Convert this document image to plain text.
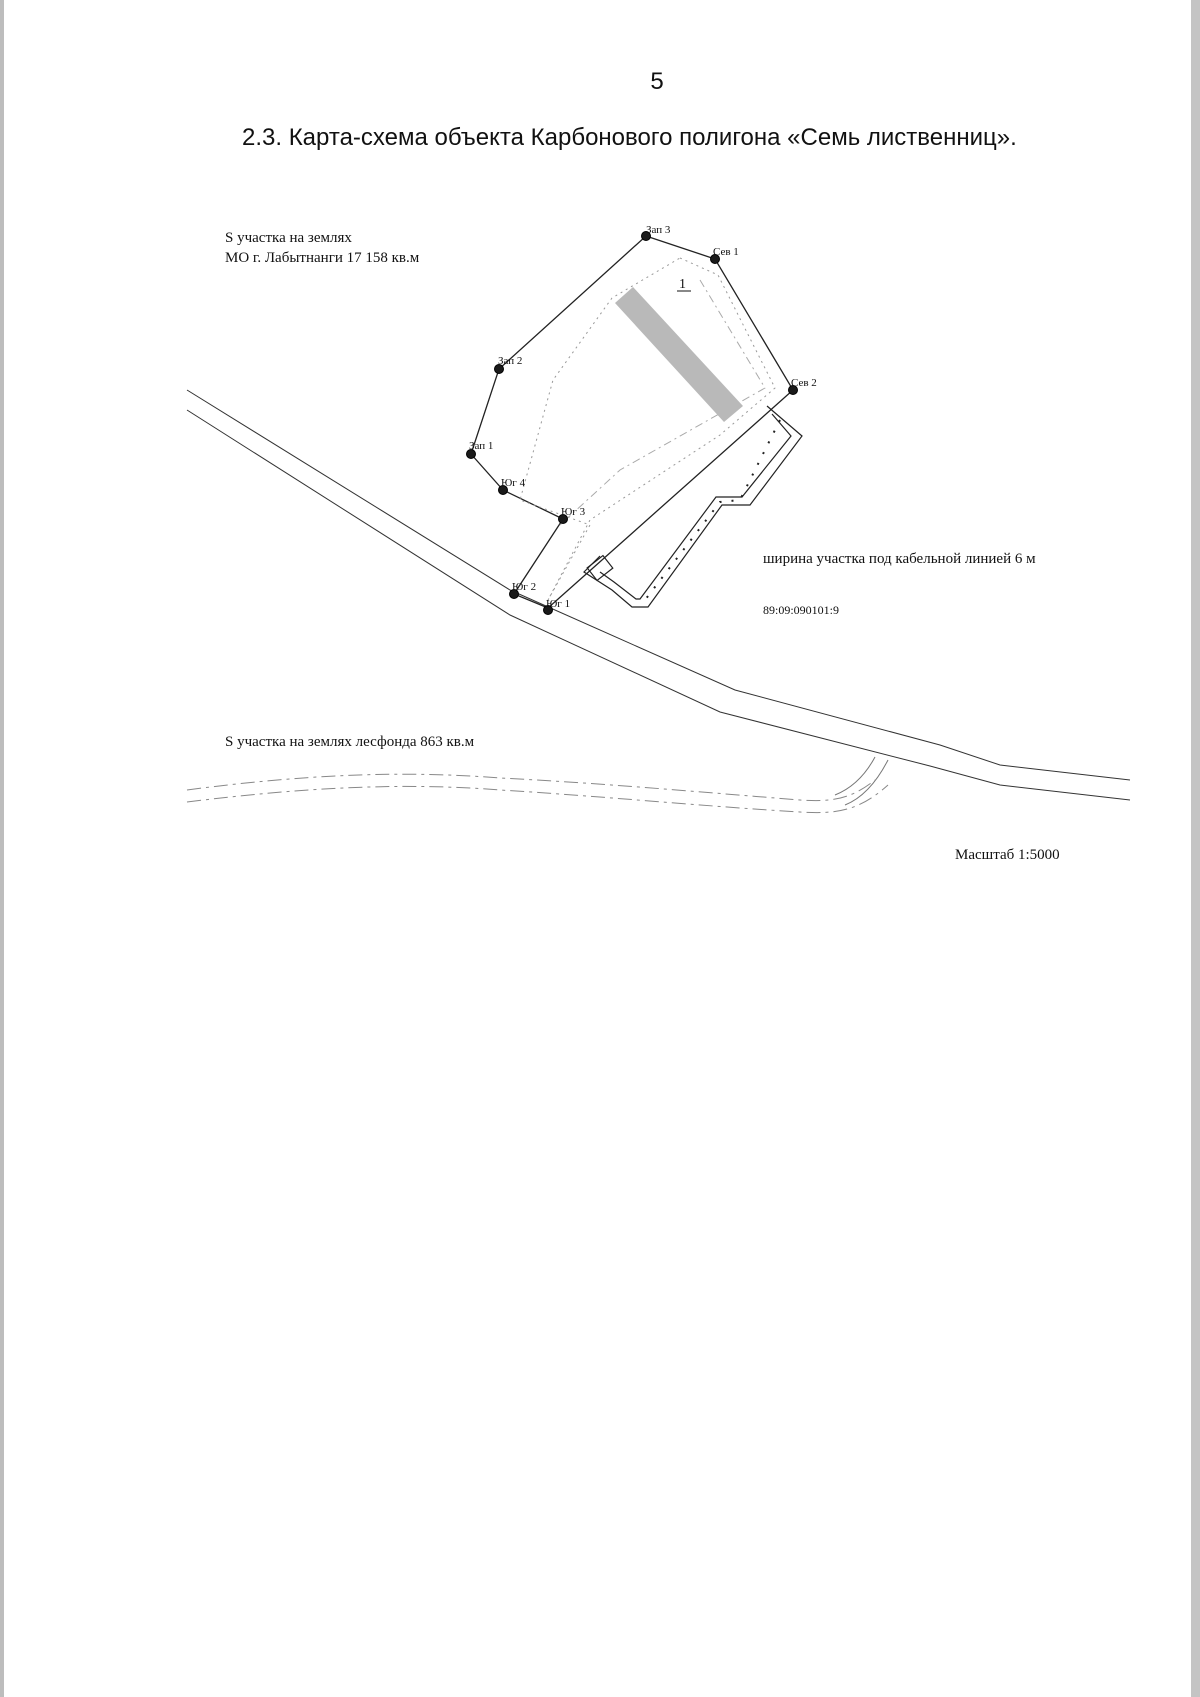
5
2.3. Карта-схема объекта Карбонового полигона «Семь лиственниц».
Зап 3
Сев 1
Зап 2
Сев 2
Зап 1
Юг 4
Юг 3
Юг 2
Юг 1
1
S участка на землях
МО г. Лабытнанги 17 158 кв.м
ширина участка под кабельной линией 6 м
89:09:090101:9
S участка на землях лесфонда 863 кв.м
Масштаб 1:5000
